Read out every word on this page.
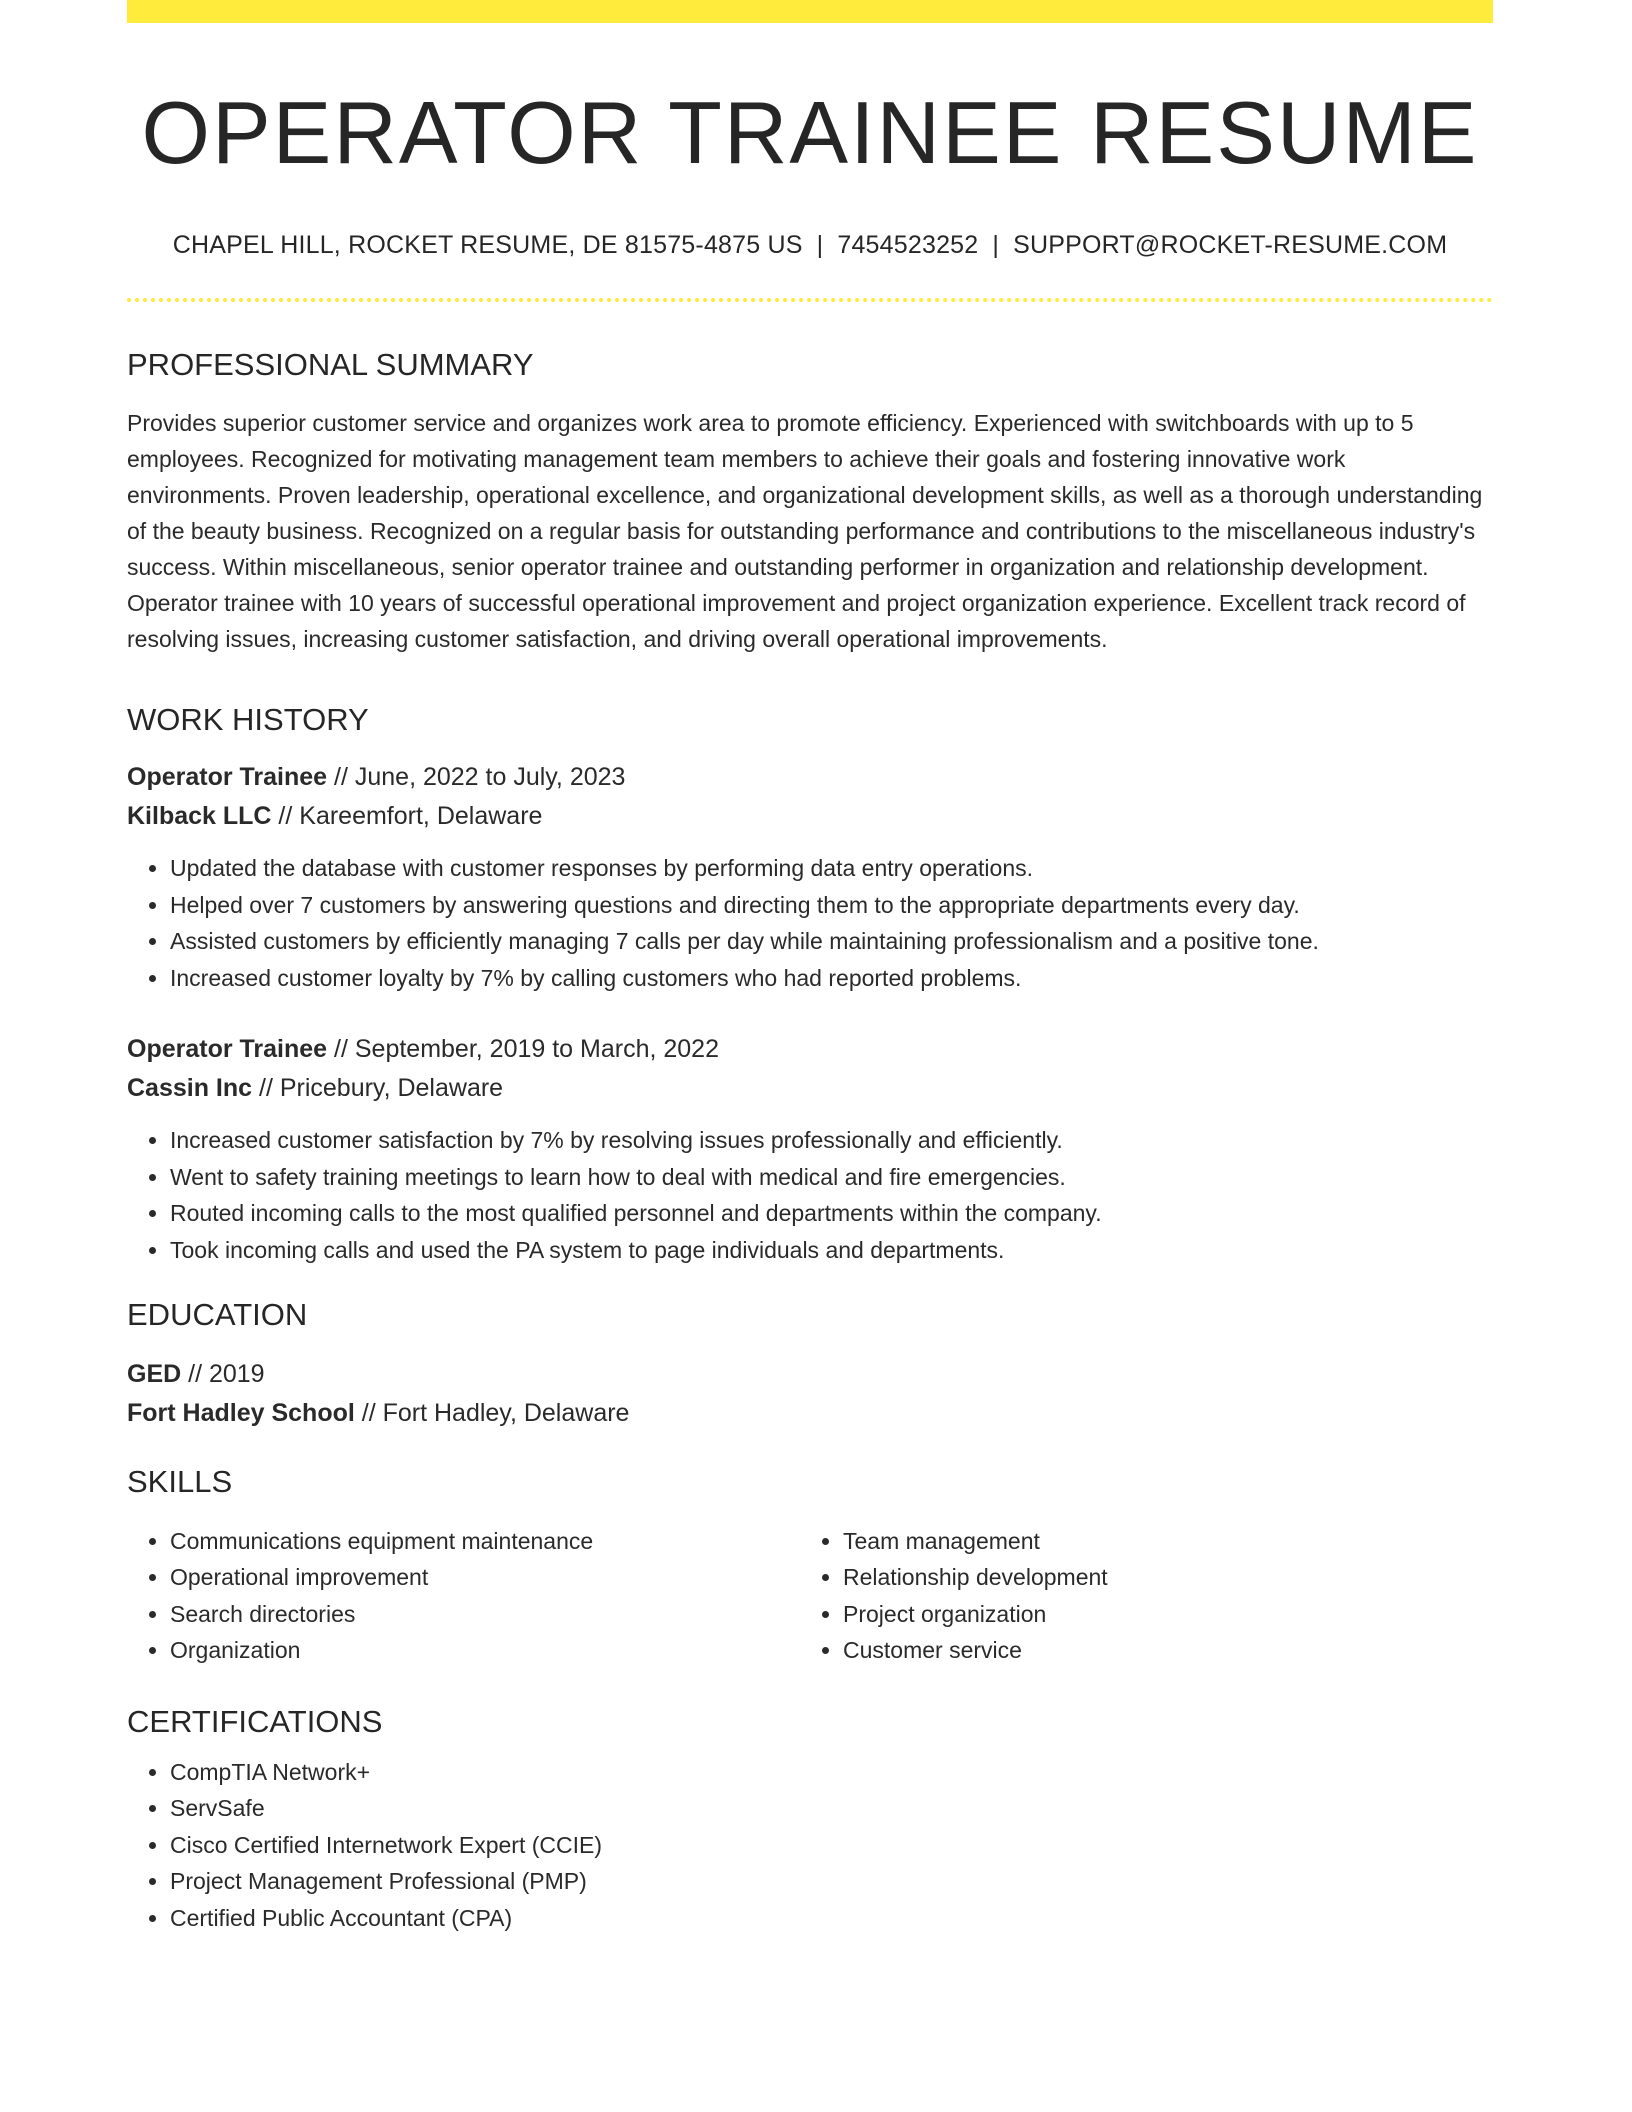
OPERATOR TRAINEE RESUME
CHAPEL HILL, ROCKET RESUME, DE 81575-4875 US | 7454523252 | SUPPORT@ROCKET-RESUME.COM
PROFESSIONAL SUMMARY

Provides superior customer service and organizes work area to promote efficiency. Experienced with switchboards with up to 5 employees. Recognized for motivating management team members to achieve their goals and fostering innovative work environments. Proven leadership, operational excellence, and organizational development skills, as well as a thorough understanding of the beauty business. Recognized on a regular basis for outstanding performance and contributions to the miscellaneous industry's success. Within miscellaneous, senior operator trainee and outstanding performer in organization and relationship development. Operator trainee with 10 years of successful operational improvement and project organization experience. Excellent track record of resolving issues, increasing customer satisfaction, and driving overall operational improvements.

WORK HISTORY
Operator Trainee // June, 2022 to July, 2023
Kilback LLC // Kareemfort, Delaware
• Updated the database with customer responses by performing data entry operations.
• Helped over 7 customers by answering questions and directing them to the appropriate departments every day.
• Assisted customers by efficiently managing 7 calls per day while maintaining professionalism and a positive tone.
• Increased customer loyalty by 7% by calling customers who had reported problems.
Operator Trainee // September, 2019 to March, 2022
Cassin Inc // Pricebury, Delaware
• Increased customer satisfaction by 7% by resolving issues professionally and efficiently.
• Went to safety training meetings to learn how to deal with medical and fire emergencies.
• Routed incoming calls to the most qualified personnel and departments within the company.
• Took incoming calls and used the PA system to page individuals and departments.
EDUCATION
GED // 2019
Fort Hadley School // Fort Hadley, Delaware
SKILLS
• Communications equipment maintenance
• Operational improvement
• Search directories
• Organization
• Team management
• Relationship development
• Project organization
• Customer service
CERTIFICATIONS
• CompTIA Network+
• ServSafe
• Cisco Certified Internetwork Expert (CCIE)
• Project Management Professional (PMP)
• Certified Public Accountant (CPA)
